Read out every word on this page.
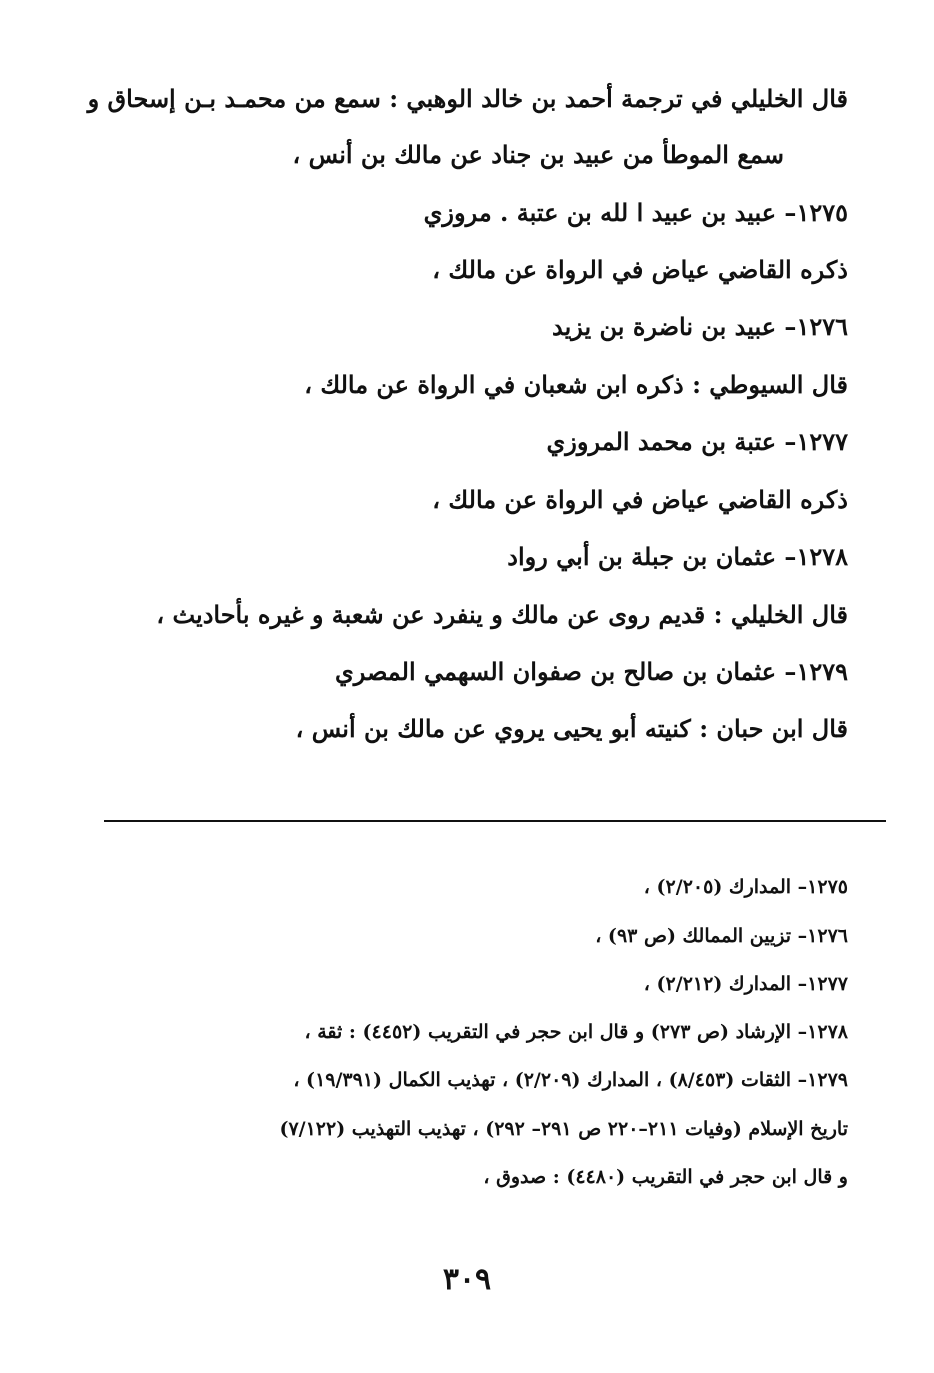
قال الخليلي في ترجمة أحمد بن خالد الوهبي : سمع من محمـد بـن إسحاق و
سمع الموطأ من عبيد بن جناد عن مالك بن أنس ،
١٢٧٥– عبيد بن عبيد ا لله بن عتبة . مروزي
ذكره القاضي عياض في الرواة عن مالك ،
١٢٧٦– عبيد بن ناضرة بن يزيد
قال السيوطي : ذكره ابن شعبان في الرواة عن مالك ،
١٢٧٧– عتبة بن محمد المروزي
ذكره القاضي عياض في الرواة عن مالك ،
١٢٧٨– عثمان بن جبلة بن أبي رواد
قال الخليلي : قديم روى عن مالك و ينفرد عن شعبة و غيره بأحاديث ،
١٢٧٩– عثمان بن صالح بن صفوان السهمي المصري
قال ابن حبان : كنيته أبو يحيى يروي عن مالك بن أنس ،
١٢٧٥– المدارك (٢/٢٠٥) ،
١٢٧٦– تزيين الممالك (ص ٩٣) ،
١٢٧٧– المدارك (٢/٢١٢) ،
١٢٧٨– الإرشاد (ص ٢٧٣) و قال ابن حجر في التقريب (٤٤٥٢) : ثقة ،
١٢٧٩– الثقات (٨/٤٥٣) ، المدارك (٢/٢٠٩) ، تهذيب الكمال (١٩/٣٩١) ،
تاريخ الإسلام (وفيات ٢١١–٢٢٠ ص ٢٩١– ٢٩٢) ، تهذيب التهذيب (٧/١٢٢)
و قال ابن حجر في التقريب (٤٤٨٠) : صدوق ،
٣٠٩
